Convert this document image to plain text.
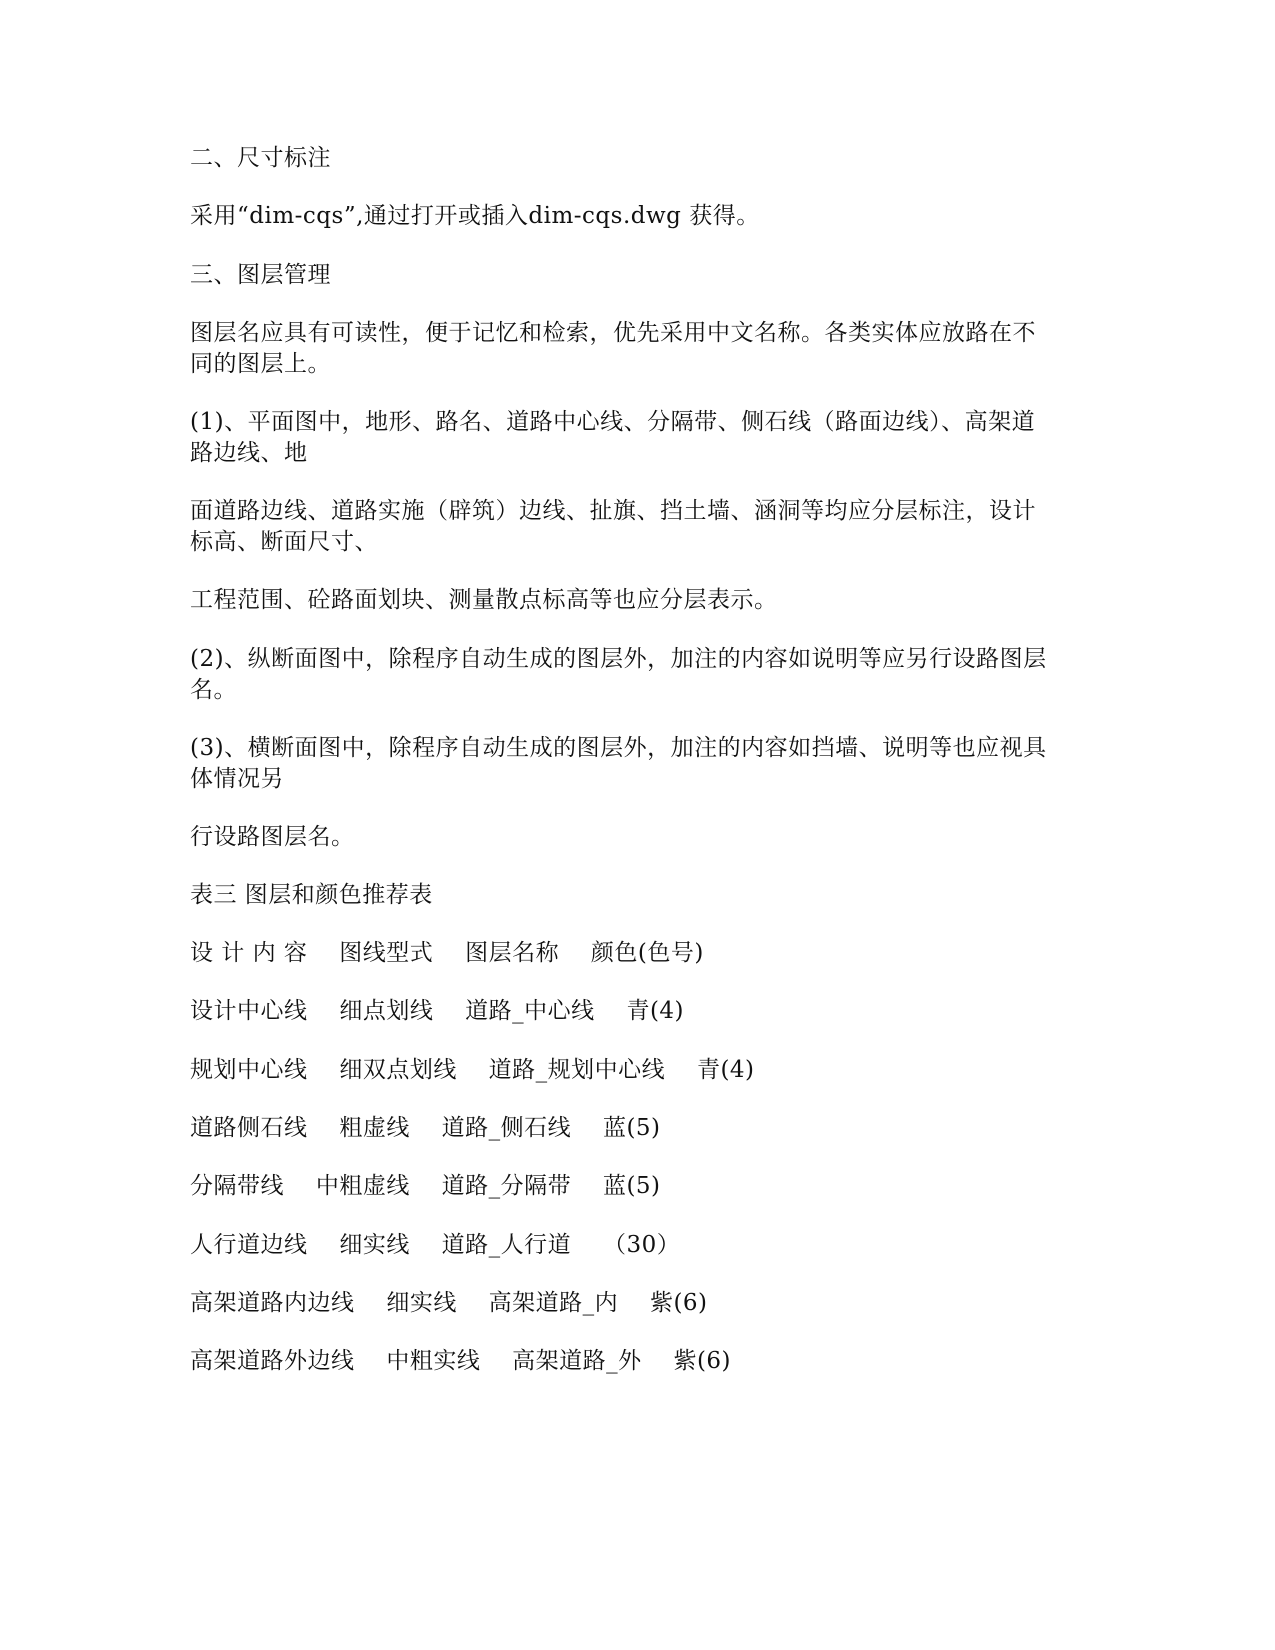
二、尺寸标注
采用“dim-cqs”,通过打开或插入dim-cqs.dwg 获得。
三、图层管理
图层名应具有可读性，便于记忆和检索，优先采用中文名称。各类实体应放路在不
同的图层上。
(1)、平面图中，地形、路名、道路中心线、分隔带、侧石线（路面边线）、高架道
路边线、地
面道路边线、道路实施（辟筑）边线、扯旗、挡土墙、涵洞等均应分层标注，设计
标高、断面尺寸、
工程范围、砼路面划块、测量散点标高等也应分层表示。
(2)、纵断面图中，除程序自动生成的图层外，加注的内容如说明等应另行设路图层
名。
(3)、横断面图中，除程序自动生成的图层外，加注的内容如挡墙、说明等也应视具
体情况另
行设路图层名。
表三 图层和颜色推荐表
设 计 内 容 图线型式 图层名称 颜色(色号)
设计中心线 细点划线 道路_中心线 青(4)
规划中心线 细双点划线 道路_规划中心线 青(4)
道路侧石线 粗虚线 道路_侧石线 蓝(5)
分隔带线 中粗虚线 道路_分隔带 蓝(5)
人行道边线 细实线 道路_人行道 （30）
高架道路内边线 细实线 高架道路_内 紫(6)
高架道路外边线 中粗实线 高架道路_外 紫(6)
